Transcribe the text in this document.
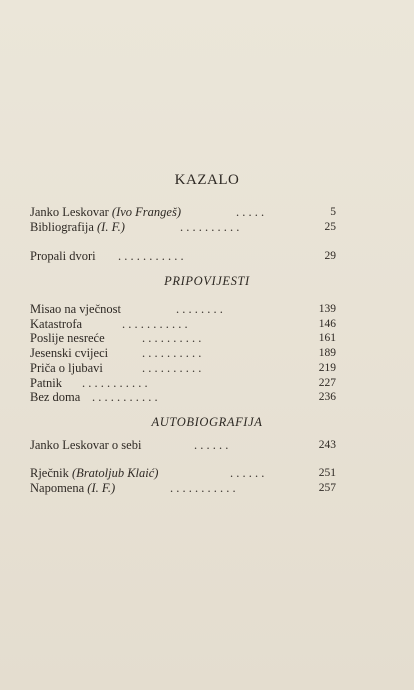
KAZALO
Janko Leskovar (Ivo Frangeš)	. . . . .	5
Bibliografija (I. F.)	. . . . . . . . . .	25
Propali dvori . . . . . . . . . . .	29
PRIPOVIJESTI
Misao na vječnost	. . . . . . . .	139
Katastrofa	. . . . . . . . . . .	146
Poslije nesreće	. . . . . . . . . .	161
Jesenski cvijeci	. . . . . . . . . .	189
Priča o ljubavi	. . . . . . . . . .	219
Patnik . . . . . . . . . . .	227
Bez doma . . . . . . . . . . .	236
AUTOBIOGRAFIJA
Janko Leskovar o sebi	. . . . . .	243
Rječnik (Bratoljub Klaić)	. . . . . .	251
Napomena (I. F.)	. . . . . . . . . . .	257
